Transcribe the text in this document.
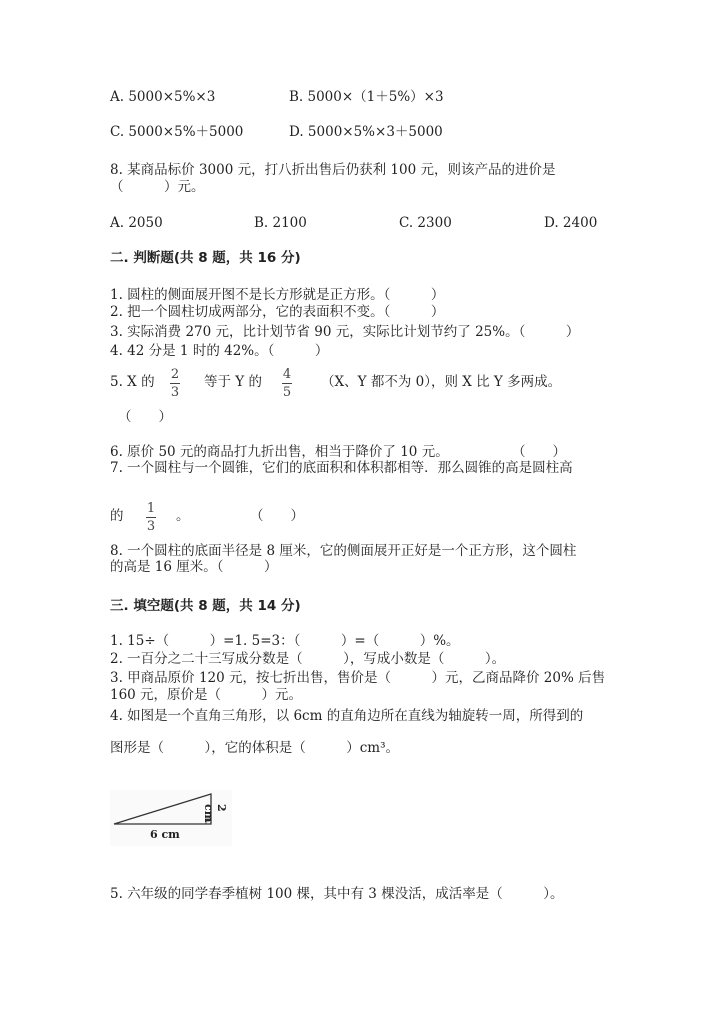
A. 5000×5%×3	B. 5000×（1＋5%）×3
C. 5000×5%＋5000	D. 5000×5%×3＋5000
8. 某商品标价 3000 元，打八折出售后仍获利 100 元，则该产品的进价是
（　　　）元。
A. 2050	B. 2100	C. 2300	D. 2400
二. 判断题(共 8 题，共 16 分)
1. 圆柱的侧面展开图不是长方形就是正方形。（　　　）
2. 把一个圆柱切成两部分，它的表面积不变。（　　　）
3. 实际消费 270 元，比计划节省 90 元，实际比计划节约了 25%。（　　　）
4. 42 分是 1 时的 42%。（　　　）
5. X 的 2
3
等于 Y 的 4
5
（X、Y 都不为 0），则 X 比 Y 多两成。
（　　）
6. 原价 50 元的商品打九折出售，相当于降价了 10 元。	（　　）
7. 一个圆柱与一个圆锥，它们的底面积和体积都相等．那么圆锥的高是圆柱高
的 1
3
。	（　　）
8. 一个圆柱的底面半径是 8 厘米，它的侧面展开正好是一个正方形，这个圆柱
的高是 16 厘米。（　　　）
三. 填空题(共 8 题，共 14 分)
1. 15÷（　　　）=1. 5=3：（　　　）=（　　　）%。
2. 一百分之二十三写成分数是（　　　），写成小数是（　　　）。
3. 甲商品原价 120 元，按七折出售，售价是（　　　）元，乙商品降价 20% 后售
160 元，原价是（　　　）元。
4. 如图是一个直角三角形，以 6cm 的直角边所在直线为轴旋转一周，所得到的
图形是（　　　），它的体积是（　　　）cm³。
6 cm
2 cm
5. 六年级的同学春季植树 100 棵，其中有 3 棵没活，成活率是（　　　）。
